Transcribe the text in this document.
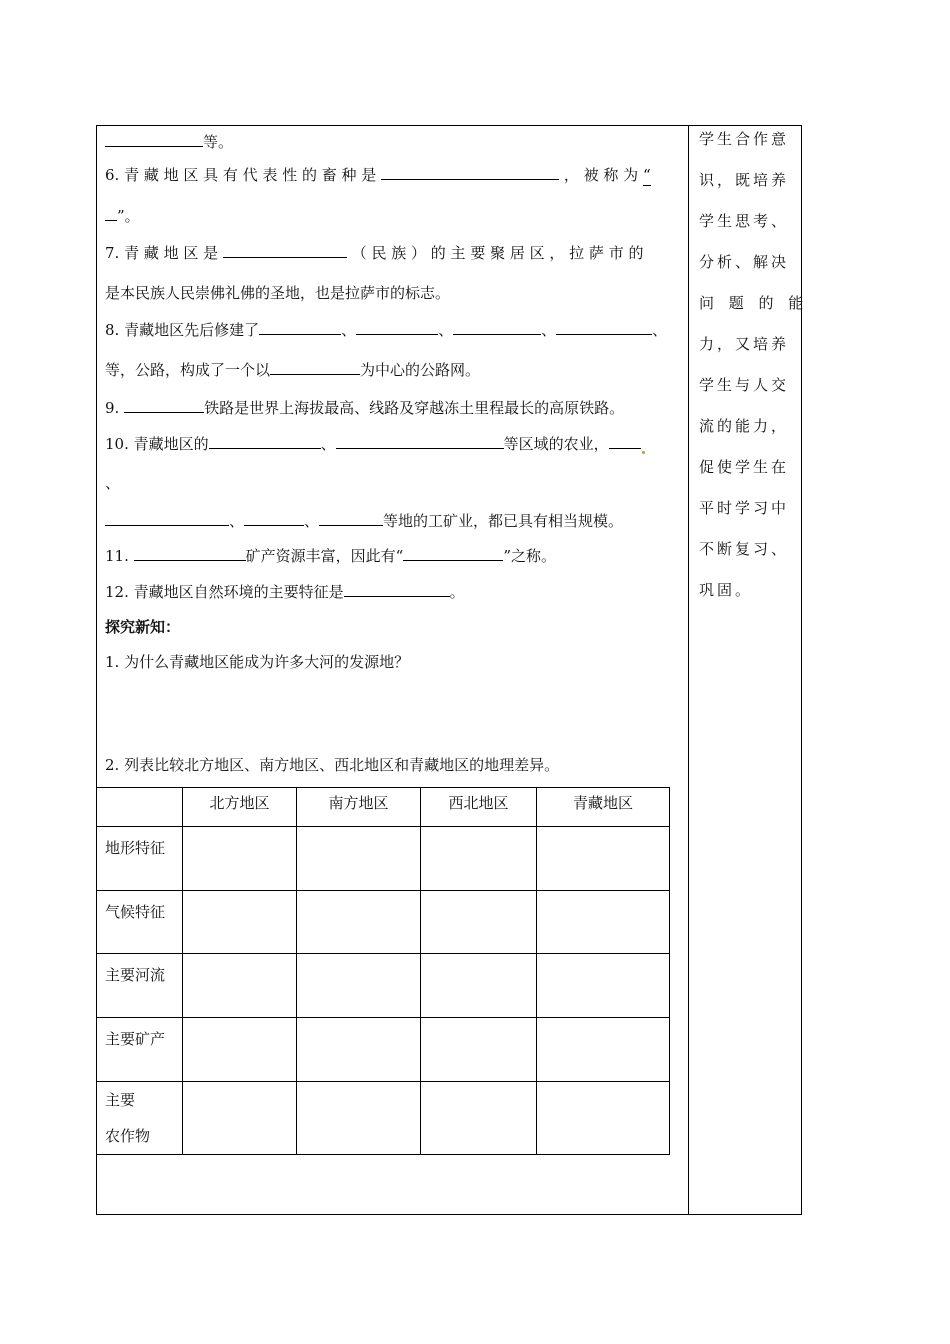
等。
6. 青 藏 地 区 具 有 代 表 性 的 畜 种 是	， 被 称 为 “
”。
7. 青 藏 地 区 是	（ 民 族 ） 的 主 要 聚 居 区 ， 拉 萨 市 的
是本民族人民崇佛礼佛的圣地，也是拉萨市的标志。
8. 青藏地区先后修建了	、	、	、	、
等，公路，构成了一个以	为中心的公路网。
9.	铁路是世界上海拔最高、线路及穿越冻土里程最长的高原铁路。
10. 青藏地区的	、	等区域的农业，
、
、	、	等地的工矿业，都已具有相当规模。
11.	矿产资源丰富，因此有“	”之称。
12. 青藏地区自然环境的主要特征是	。
探究新知：
1. 为什么青藏地区能成为许多大河的发源地？
2. 列表比较北方地区、南方地区、西北地区和青藏地区的地理差异。
	北方地区	南方地区	西北地区	青藏地区
地形特征				
气候特征				
主要河流				
主要矿产				

主要
农作物				

学生合作意
识，既培养
学生思考、
分析、解决
问 题 的 能
力，又培养
学生与人交
流的能力，
促使学生在
平时学习中
不断复习、
巩固。
